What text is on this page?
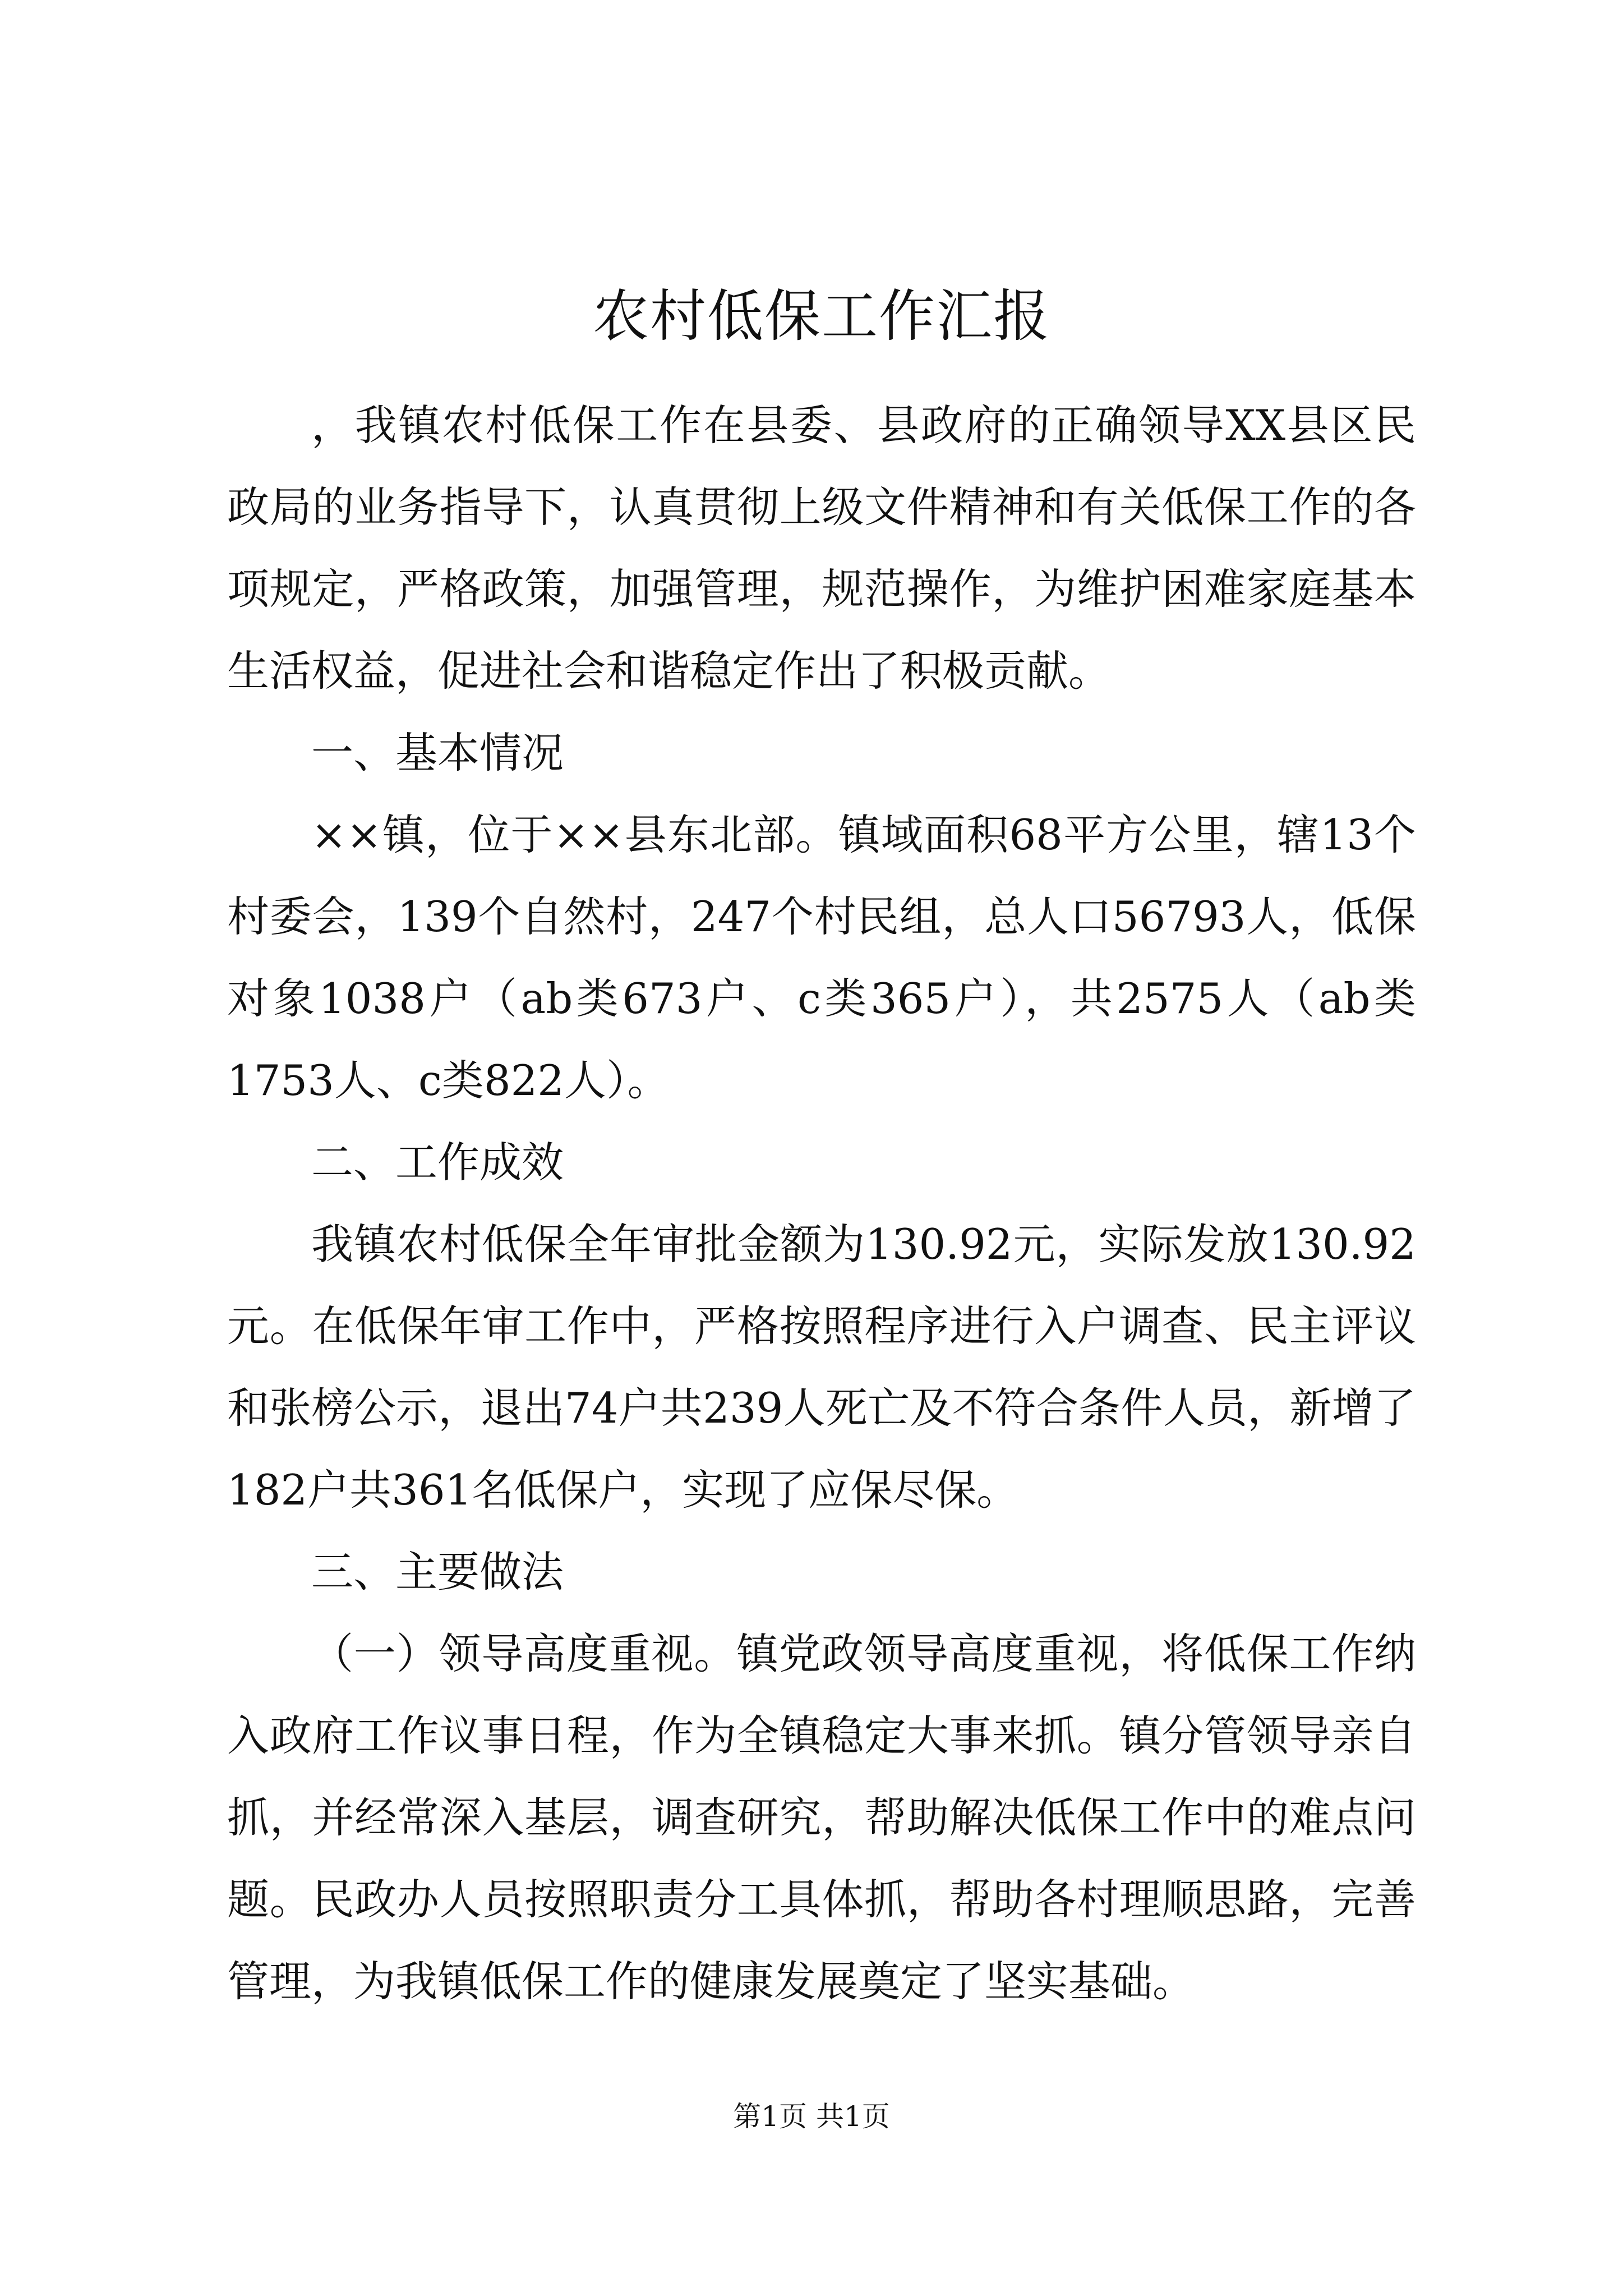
农村低保工作汇报

，我镇农村低保工作在县委、县政府的正确领导XX县区民政局的业务指导下，认真贯彻上级文件精神和有关低保工作的各项规定，严格政策，加强管理，规范操作，为维护困难家庭基本生活权益，促进社会和谐稳定作出了积极贡献。

一、基本情况

××镇，位于××县东北部。镇域面积68平方公里，辖13个村委会，139个自然村，247个村民组，总人口56793人，低保对象1038户（ab类673户、c类365户），共2575人（ab类1753人、c类822人）。

二、工作成效

我镇农村低保全年审批金额为130.92元，实际发放130.92元。在低保年审工作中，严格按照程序进行入户调查、民主评议和张榜公示，退出74户共239人死亡及不符合条件人员，新增了182户共361名低保户，实现了应保尽保。

三、主要做法

（一）领导高度重视。镇党政领导高度重视，将低保工作纳入政府工作议事日程，作为全镇稳定大事来抓。镇分管领导亲自抓，并经常深入基层，调查研究，帮助解决低保工作中的难点问题。民政办人员按照职责分工具体抓，帮助各村理顺思路，完善管理，为我镇低保工作的健康发展奠定了坚实基础。

第1页 共1页
